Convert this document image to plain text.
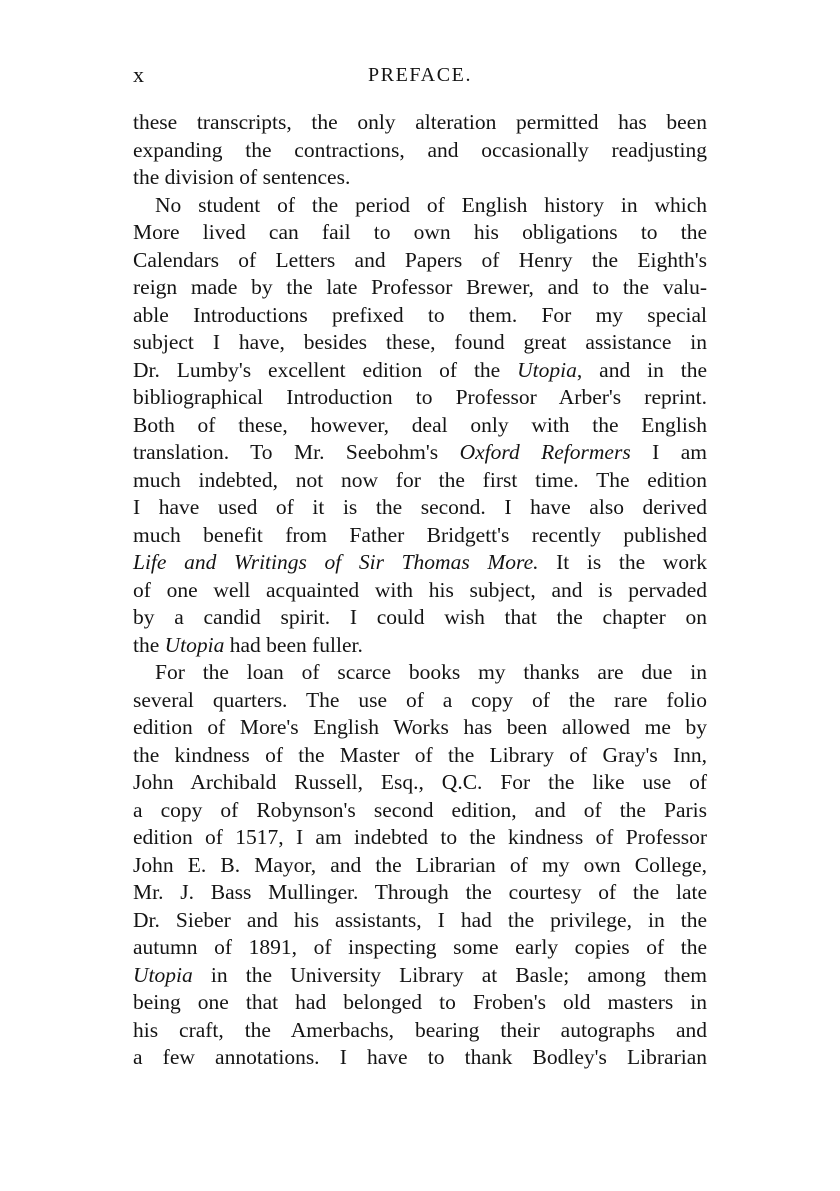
x	PREFACE.
these transcripts, the only alteration permitted has been
expanding the contractions, and occasionally readjusting
the division of sentences.
No student of the period of English history in which
More lived can fail to own his obligations to the
Calendars of Letters and Papers of Henry the Eighth's
reign made by the late Professor Brewer, and to the valu-
able Introductions prefixed to them. For my special
subject I have, besides these, found great assistance in
Dr. Lumby's excellent edition of the Utopia, and in the
bibliographical Introduction to Professor Arber's reprint.
Both of these, however, deal only with the English
translation. To Mr. Seebohm's Oxford Reformers I am
much indebted, not now for the first time. The edition
I have used of it is the second. I have also derived
much benefit from Father Bridgett's recently published
Life and Writings of Sir Thomas More. It is the work
of one well acquainted with his subject, and is pervaded
by a candid spirit. I could wish that the chapter on
the Utopia had been fuller.
For the loan of scarce books my thanks are due in
several quarters. The use of a copy of the rare folio
edition of More's English Works has been allowed me by
the kindness of the Master of the Library of Gray's Inn,
John Archibald Russell, Esq., Q.C. For the like use of
a copy of Robynson's second edition, and of the Paris
edition of 1517, I am indebted to the kindness of Professor
John E. B. Mayor, and the Librarian of my own College,
Mr. J. Bass Mullinger. Through the courtesy of the late
Dr. Sieber and his assistants, I had the privilege, in the
autumn of 1891, of inspecting some early copies of the
Utopia in the University Library at Basle; among them
being one that had belonged to Froben's old masters in
his craft, the Amerbachs, bearing their autographs and
a few annotations. I have to thank Bodley's Librarian
